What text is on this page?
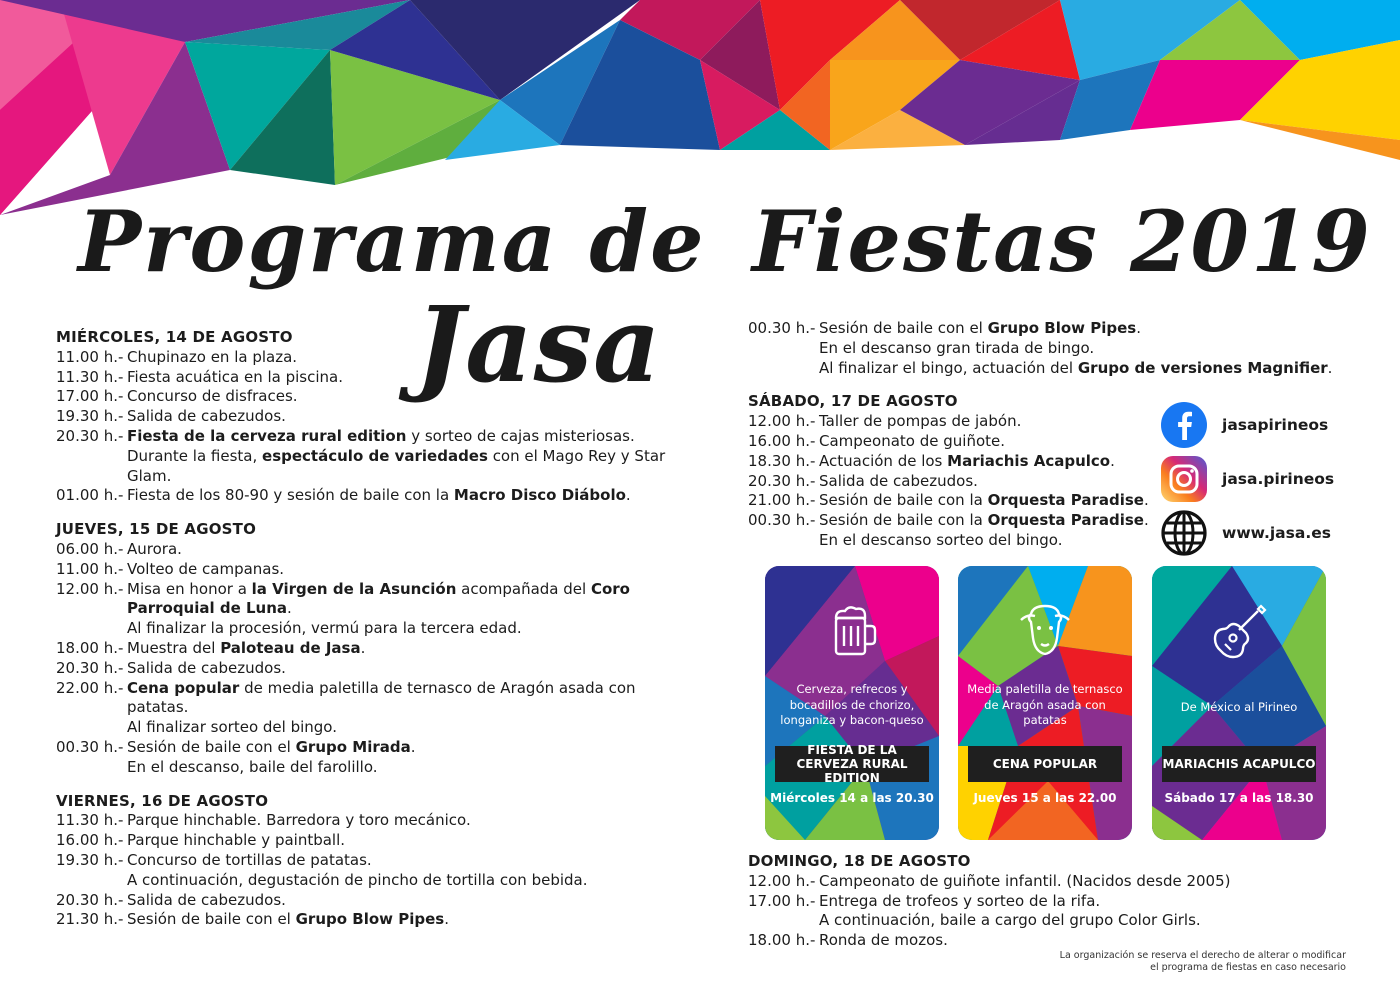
Programa de Fiestas 2019
Jasa
MIÉRCOLES, 14 DE AGOSTO
11.00 h.- Chupinazo en la plaza.
11.30 h.- Fiesta acuática en la piscina.
17.00 h.- Concurso de disfraces.
19.30 h.- Salida de cabezudos.
20.30 h.- Fiesta de la cerveza rural edition y sorteo de cajas misteriosas.
Durante la fiesta, espectáculo de variedades con el Mago Rey y Star Glam.
01.00 h.- Fiesta de los 80-90 y sesión de baile con la Macro Disco Diábolo.
JUEVES, 15 DE AGOSTO
06.00 h.- Aurora.
11.00 h.- Volteo de campanas.
12.00 h.- Misa en honor a la Virgen de la Asunción acompañada del Coro Parroquial de Luna.
Al finalizar la procesión, vermú para la tercera edad.
18.00 h.- Muestra del Paloteau de Jasa.
20.30 h.- Salida de cabezudos.
22.00 h.- Cena popular de media paletilla de ternasco de Aragón asada con patatas.
Al finalizar sorteo del bingo.
00.30 h.- Sesión de baile con el Grupo Mirada.
En el descanso, baile del farolillo.
VIERNES, 16 DE AGOSTO
11.30 h.- Parque hinchable. Barredora y toro mecánico.
16.00 h.- Parque hinchable y paintball.
19.30 h.- Concurso de tortillas de patatas.
A continuación, degustación de pincho de tortilla con bebida.
20.30 h.- Salida de cabezudos.
21.30 h.- Sesión de baile con el Grupo Blow Pipes.
00.30 h.- Sesión de baile con el Grupo Blow Pipes.
En el descanso gran tirada de bingo.
Al finalizar el bingo, actuación del Grupo de versiones Magnifier.
SÁBADO, 17 DE AGOSTO
12.00 h.- Taller de pompas de jabón.
16.00 h.- Campeonato de guiñote.
18.30 h.- Actuación de los Mariachis Acapulco.
20.30 h.- Salida de cabezudos.
21.00 h.- Sesión de baile con la Orquesta Paradise.
00.30 h.- Sesión de baile con la Orquesta Paradise.
En el descanso sorteo del bingo.
DOMINGO, 18 DE AGOSTO
12.00 h.- Campeonato de guiñote infantil. (Nacidos desde 2005)
17.00 h.- Entrega de trofeos y sorteo de la rifa.
A continuación, baile a cargo del grupo Color Girls.
18.00 h.- Ronda de mozos.
jasapirineos
jasa.pirineos
www.jasa.es
Cerveza, refrecos y bocadillos de chorizo, longaniza y bacon-queso
FIESTA DE LA CERVEZA RURAL EDITION
Miércoles 14 a las 20.30
Media paletilla de ternasco de Aragón asada con patatas
CENA POPULAR
Jueves 15 a las 22.00
De México al Pirineo
MARIACHIS ACAPULCO
Sábado 17 a las 18.30
La organización se reserva el derecho de alterar o modificar
el programa de fiestas en caso necesario
